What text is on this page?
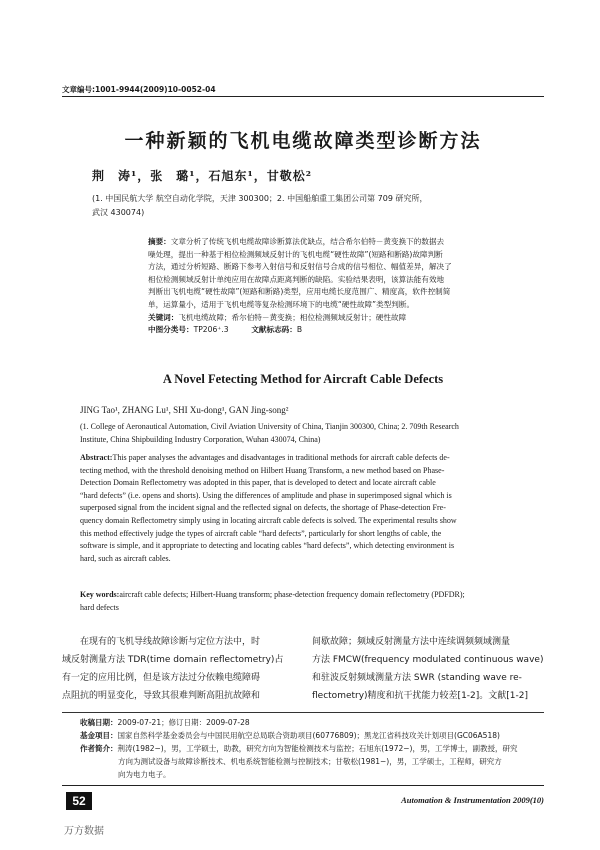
文章编号:1001-9944(2009)10-0052-04
一种新颖的飞机电缆故障类型诊断方法
荆　涛¹，张　璐¹，石旭东¹，甘敬松²
(1. 中国民航大学 航空自动化学院，天津 300300；2. 中国船舶重工集团公司第 709 研究所，
武汉 430074)
摘要：文章分析了传统飞机电缆故障诊断算法优缺点，结合希尔伯特－黄变换下的数据去
噪处理，提出一种基于相位检测频域反射计的飞机电缆“硬性故障”(短路和断路)故障判断
方法，通过分析短路、断路下参考入射信号和反射信号合成的信号相位、幅值差异，解决了
相位检测频域反射计单纯应用在故障点距离判断的缺陷。实验结果表明，该算法能有效地
判断出飞机电缆“硬性故障”(短路和断路)类型，应用电缆长度范围广、精度高，软件控制简
单，运算量小，适用于飞机电缆等复杂检测环境下的电缆“硬性故障”类型判断。
关键词：飞机电缆故障；希尔伯特－黄变换；相位检测频域反射计；硬性故障
中图分类号：TP206⁺.3　　　	文献标志码：B
A Novel Fetecting Method for Aircraft Cable Defects
JING Tao¹, ZHANG Lu¹, SHI Xu-dong¹, GAN Jing-song²
(1. College of Aeronautical Automation, Civil Aviation University of China, Tianjin 300300, China; 2. 709th Research
Institute, China Shipbuilding Industry Corporation, Wuhan 430074, China)
Abstract:This paper analyses the advantages and disadvantages in traditional methods for aircraft cable defects de-
tecting method, with the threshold denoising method on Hilbert Huang Transform, a new method based on Phase-
Detection Domain Reflectometry was adopted in this paper, that is developed to detect and locate aircraft cable
“hard defects” (i.e. opens and shorts). Using the differences of amplitude and phase in superimposed signal which is
superposed signal from the incident signal and the reflected signal on defects, the shortage of Phase-detection Fre-
quency domain Reflectometry simply using in locating aircraft cable defects is solved. The experimental results show
this method effectively judge the types of aircraft cable “hard defects”, particularly for short lengths of cable, the
software is simple, and it appropriate to detecting and locating cables “hard defects”, which detecting environment is
hard, such as aircraft cables.
Key words:aircraft cable defects; Hilbert-Huang transform; phase-detection frequency domain reflectometry (PDFDR);
hard defects
　　在现有的飞机导线故障诊断与定位方法中，时
域反射测量方法 TDR(time domain reflectometry)占
有一定的应用比例，但是该方法过分依赖电缆障碍
点阻抗的明显变化，导致其很难判断高阻抗故障和
间歇故障；频域反射测量方法中连续调频频域测量
方法 FMCW(frequency modulated continuous wave)
和驻波反射频域测量方法 SWR (standing wave re-
flectometry)精度和抗干扰能力较差[1-2]。文献[1-2]
收稿日期：2009-07-21；修订日期：2009-07-28
基金项目：国家自然科学基金委员会与中国民用航空总局联合资助项目(60776809)；黑龙江省科技攻关计划项目(GC06A518)
作者简介：荆涛(1982−)，男，工学硕士，助教，研究方向为智能检测技术与监控；石旭东(1972−)，男，工学博士，副教授，研究
方向为测试设备与故障诊断技术、机电系统智能检测与控制技术；甘敬松(1981−)，男，工学硕士，工程师，研究方
向为电力电子。
52	Automation & Instrumentation 2009(10)
万方数据
